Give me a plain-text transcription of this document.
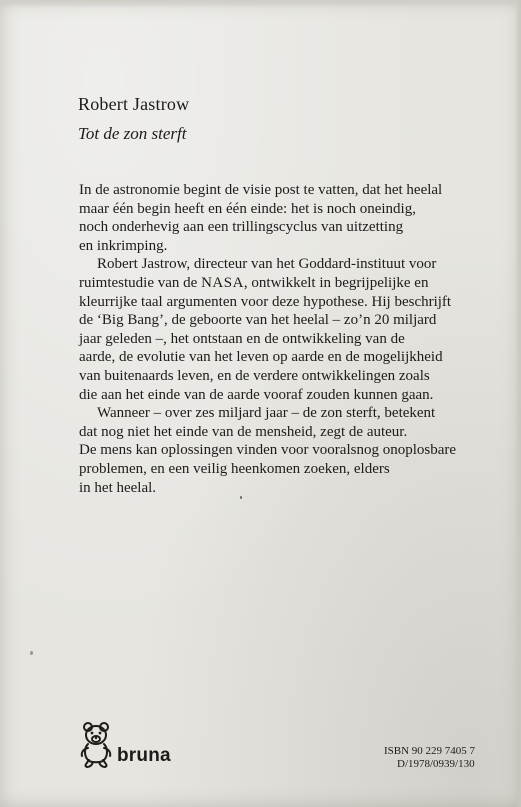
Robert Jastrow
Tot de zon sterft

In de astronomie begint de visie post te vatten, dat het heelal
maar één begin heeft en één einde: het is noch oneindig,
noch onderhevig aan een trillingscyclus van uitzetting
en inkrimping.

Robert Jastrow, directeur van het Goddard-instituut voor
ruimtestudie van de NASA, ontwikkelt in begrijpelijke en
kleurrijke taal argumenten voor deze hypothese. Hij beschrijft
de ‘Big Bang’, de geboorte van het heelal – zo’n 20 miljard
jaar geleden –, het ontstaan en de ontwikkeling van de
aarde, de evolutie van het leven op aarde en de mogelijkheid
van buitenaards leven, en de verdere ontwikkelingen zoals
die aan het einde van de aarde vooraf zouden kunnen gaan.

Wanneer – over zes miljard jaar – de zon sterft, betekent
dat nog niet het einde van de mensheid, zegt de auteur.
De mens kan oplossingen vinden voor vooralsnog onoplosbare
problemen, en een veilig heenkomen zoeken, elders
in het heelal.

bruna	ISBN 90 229 7405 7
D/1978/0939/130
